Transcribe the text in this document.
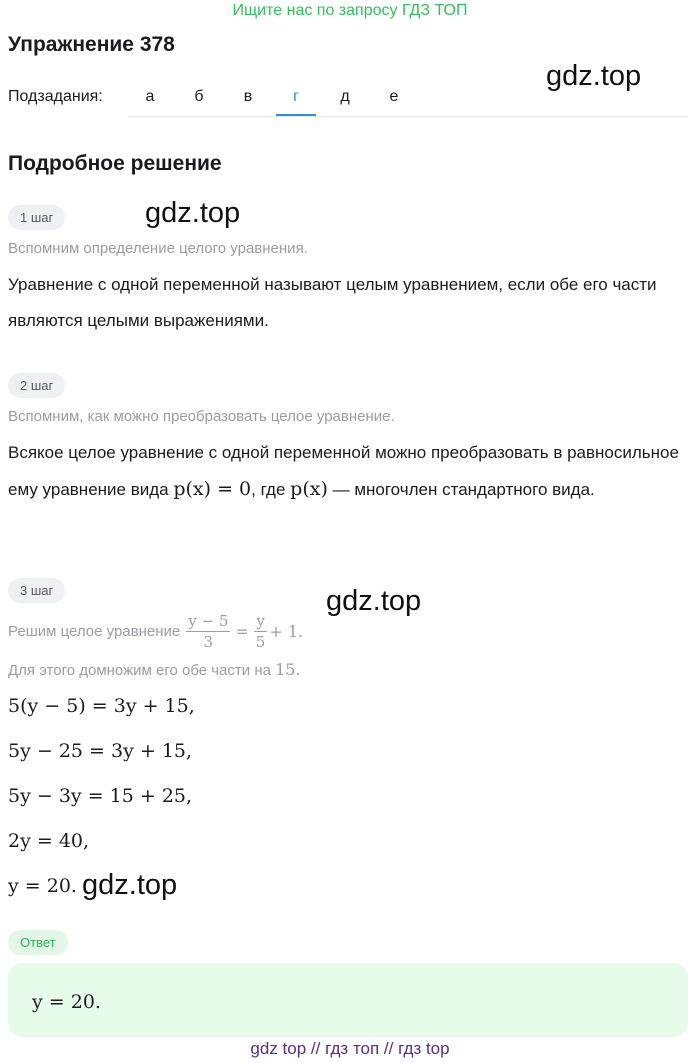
Ищите нас по запросу ГДЗ ТОП
Упражнение 378
gdz.top
Подзадания:	а	б	в	г	д	е
Подробное решение
1 шаг	gdz.top
Вспомним определение целого уравнения.
Уравнение с одной переменной называют целым уравнением, если обе его части являются целыми выражениями.
2 шаг
Вспомним, как можно преобразовать целое уравнение.
Всякое целое уравнение с одной переменной можно преобразовать в равносильное ему уравнение вида p(x) = 0, где p(x) — многочлен стандартного вида.
3 шаг	gdz.top
Решим целое уравнение $\frac{y - 5}{3} = \frac{y}{5} + 1$.
Для этого домножим его обе части на 15.
5(y − 5) = 3y + 15,
5y − 25 = 3y + 15,
5y − 3y = 15 + 25,
2y = 40,
y = 20. gdz.top
Ответ
y = 20.
gdz top // гдз топ // гдз top
